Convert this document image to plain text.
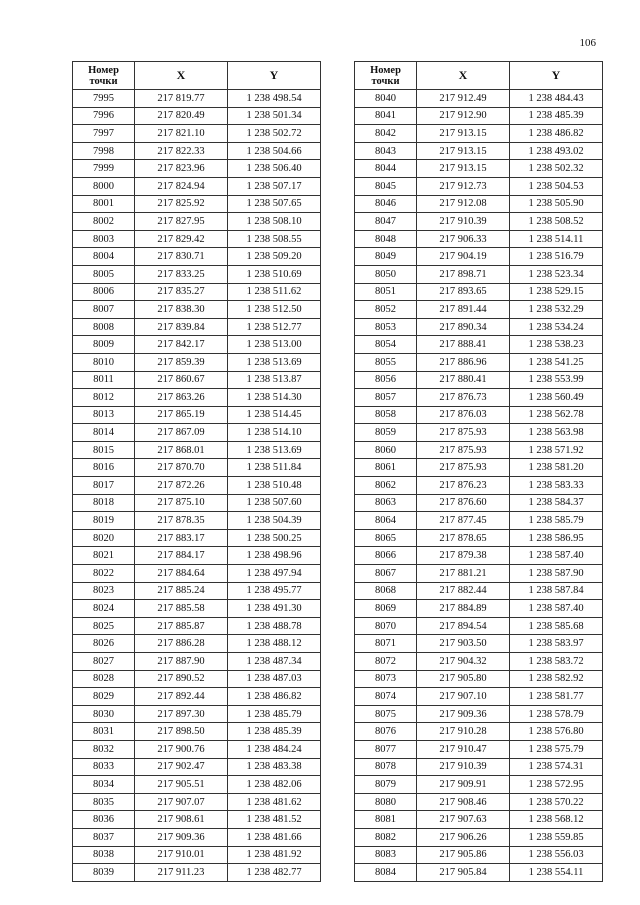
106
Номер
точки	X	Y
7995	217 819.77	1 238 498.54
7996	217 820.49	1 238 501.34
7997	217 821.10	1 238 502.72
7998	217 822.33	1 238 504.66
7999	217 823.96	1 238 506.40
8000	217 824.94	1 238 507.17
8001	217 825.92	1 238 507.65
8002	217 827.95	1 238 508.10
8003	217 829.42	1 238 508.55
8004	217 830.71	1 238 509.20
8005	217 833.25	1 238 510.69
8006	217 835.27	1 238 511.62
8007	217 838.30	1 238 512.50
8008	217 839.84	1 238 512.77
8009	217 842.17	1 238 513.00
8010	217 859.39	1 238 513.69
8011	217 860.67	1 238 513.87
8012	217 863.26	1 238 514.30
8013	217 865.19	1 238 514.45
8014	217 867.09	1 238 514.10
8015	217 868.01	1 238 513.69
8016	217 870.70	1 238 511.84
8017	217 872.26	1 238 510.48
8018	217 875.10	1 238 507.60
8019	217 878.35	1 238 504.39
8020	217 883.17	1 238 500.25
8021	217 884.17	1 238 498.96
8022	217 884.64	1 238 497.94
8023	217 885.24	1 238 495.77
8024	217 885.58	1 238 491.30
8025	217 885.87	1 238 488.78
8026	217 886.28	1 238 488.12
8027	217 887.90	1 238 487.34
8028	217 890.52	1 238 487.03
8029	217 892.44	1 238 486.82
8030	217 897.30	1 238 485.79
8031	217 898.50	1 238 485.39
8032	217 900.76	1 238 484.24
8033	217 902.47	1 238 483.38
8034	217 905.51	1 238 482.06
8035	217 907.07	1 238 481.62
8036	217 908.61	1 238 481.52
8037	217 909.36	1 238 481.66
8038	217 910.01	1 238 481.92
8039	217 911.23	1 238 482.77
Номер
точки	X	Y
8040	217 912.49	1 238 484.43
8041	217 912.90	1 238 485.39
8042	217 913.15	1 238 486.82
8043	217 913.15	1 238 493.02
8044	217 913.15	1 238 502.32
8045	217 912.73	1 238 504.53
8046	217 912.08	1 238 505.90
8047	217 910.39	1 238 508.52
8048	217 906.33	1 238 514.11
8049	217 904.19	1 238 516.79
8050	217 898.71	1 238 523.34
8051	217 893.65	1 238 529.15
8052	217 891.44	1 238 532.29
8053	217 890.34	1 238 534.24
8054	217 888.41	1 238 538.23
8055	217 886.96	1 238 541.25
8056	217 880.41	1 238 553.99
8057	217 876.73	1 238 560.49
8058	217 876.03	1 238 562.78
8059	217 875.93	1 238 563.98
8060	217 875.93	1 238 571.92
8061	217 875.93	1 238 581.20
8062	217 876.23	1 238 583.33
8063	217 876.60	1 238 584.37
8064	217 877.45	1 238 585.79
8065	217 878.65	1 238 586.95
8066	217 879.38	1 238 587.40
8067	217 881.21	1 238 587.90
8068	217 882.44	1 238 587.84
8069	217 884.89	1 238 587.40
8070	217 894.54	1 238 585.68
8071	217 903.50	1 238 583.97
8072	217 904.32	1 238 583.72
8073	217 905.80	1 238 582.92
8074	217 907.10	1 238 581.77
8075	217 909.36	1 238 578.79
8076	217 910.28	1 238 576.80
8077	217 910.47	1 238 575.79
8078	217 910.39	1 238 574.31
8079	217 909.91	1 238 572.95
8080	217 908.46	1 238 570.22
8081	217 907.63	1 238 568.12
8082	217 906.26	1 238 559.85
8083	217 905.86	1 238 556.03
8084	217 905.84	1 238 554.11
